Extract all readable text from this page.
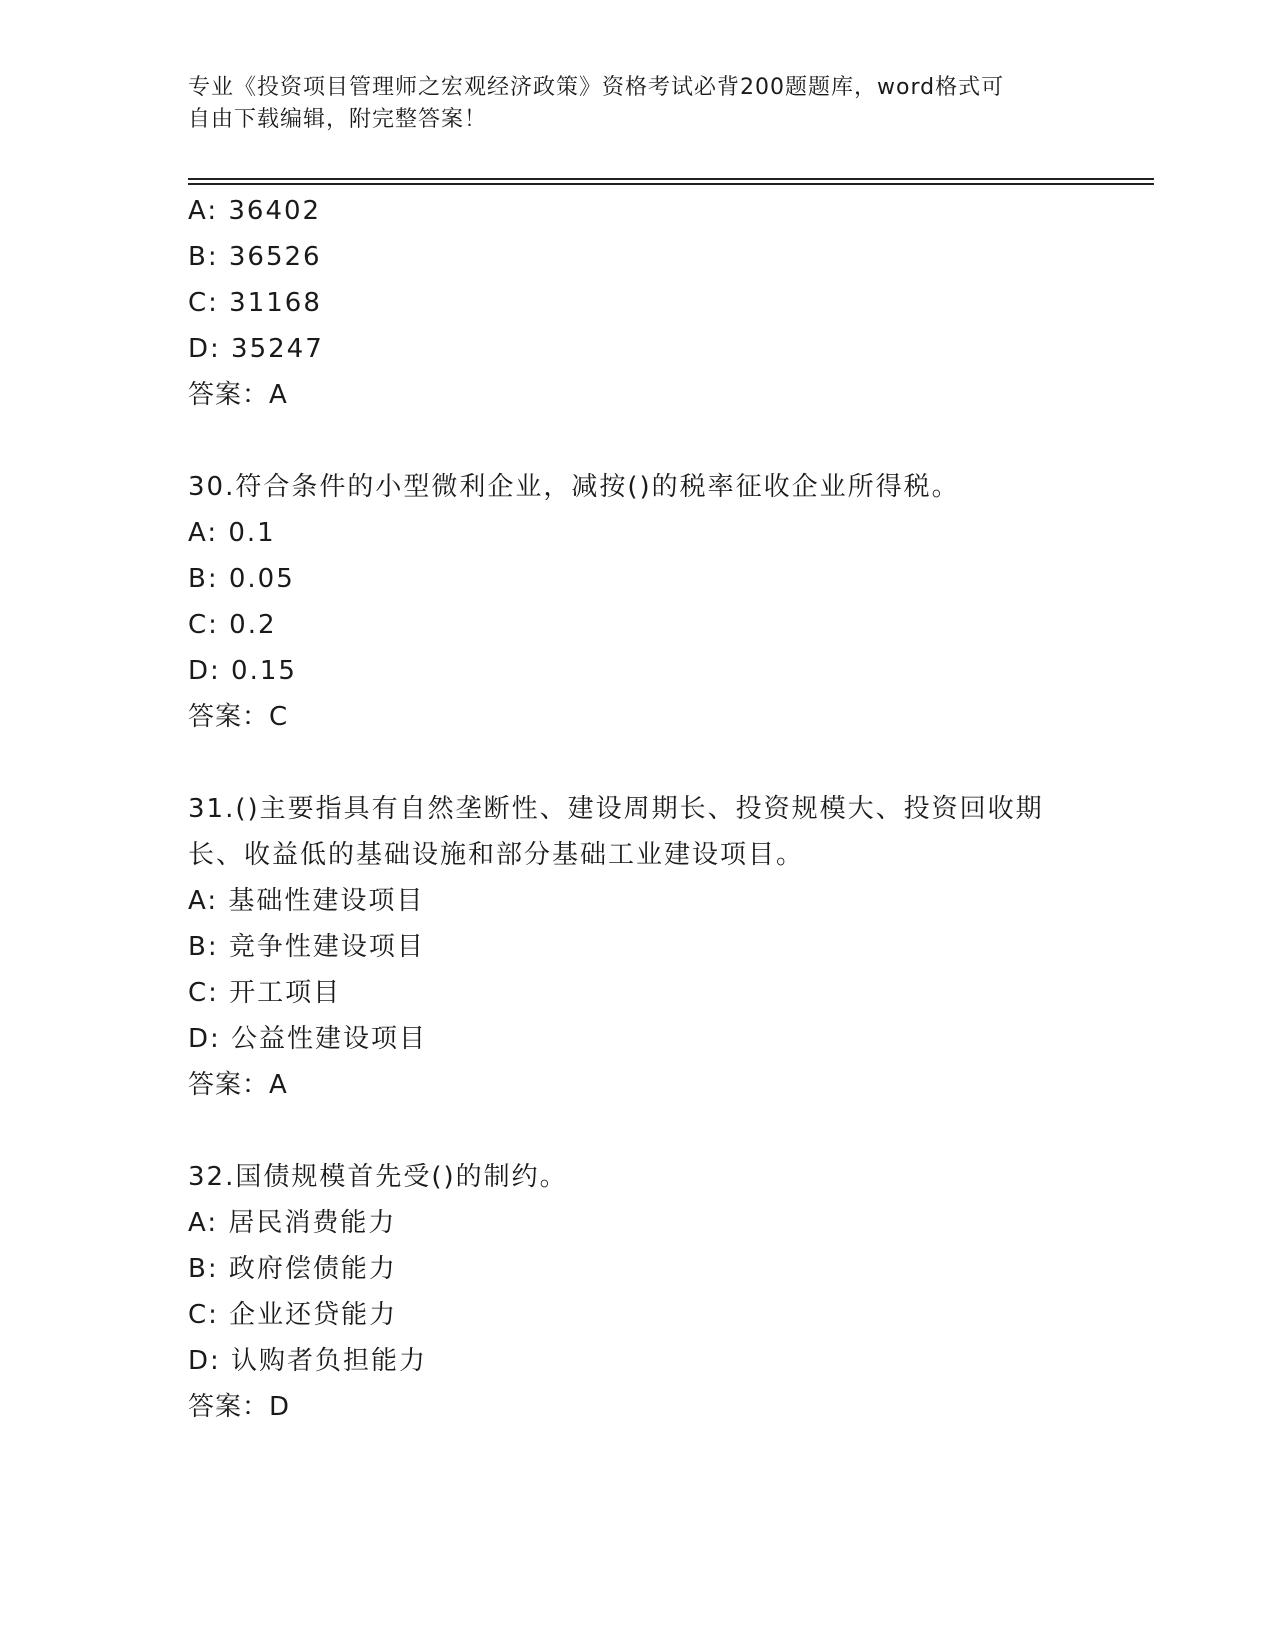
专业《投资项目管理师之宏观经济政策》资格考试必背200题题库，word格式可
自由下载编辑，附完整答案！
A: 36402
B: 36526
C: 31168
D: 35247
答案：A
30.符合条件的小型微利企业，减按()的税率征收企业所得税。
A: 0.1
B: 0.05
C: 0.2
D: 0.15
答案：C
31.()主要指具有自然垄断性、建设周期长、投资规模大、投资回收期
长、收益低的基础设施和部分基础工业建设项目。
A: 基础性建设项目
B: 竞争性建设项目
C: 开工项目
D: 公益性建设项目
答案：A
32.国债规模首先受()的制约。
A: 居民消费能力
B: 政府偿债能力
C: 企业还贷能力
D: 认购者负担能力
答案：D
